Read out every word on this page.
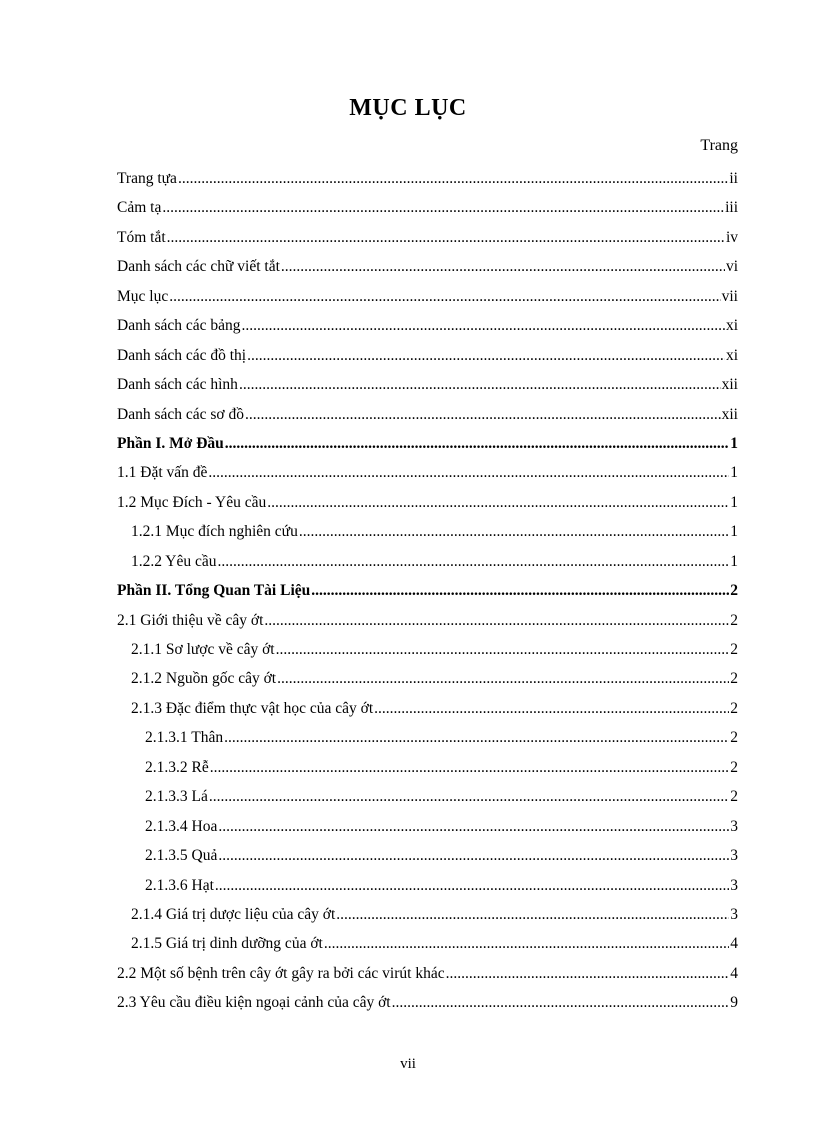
MỤC LỤC
Trang
Trang tựa .....	ii
Cảm tạ .....	iii
Tóm tắt .....	iv
Danh sách các chữ viết tắt .....	vi
Mục lục .....	vii
Danh sách các bảng .....	xi
Danh sách các đồ thị .....	xi
Danh sách các hình .....	xii
Danh sách các sơ đồ .....	xii
Phần I. Mở Đầu .....	1
1.1 Đặt vấn đề .....	1
1.2 Mục Đích - Yêu cầu .....	1
1.2.1 Mục đích nghiên cứu .....	1
1.2.2 Yêu cầu .....	1
Phần II. Tổng Quan Tài Liệu .....	2
2.1 Giới thiệu về cây ớt .....	2
2.1.1 Sơ lược về cây ớt .....	2
2.1.2 Nguồn gốc cây ớt .....	2
2.1.3 Đặc điểm thực vật học của cây ớt .....	2
2.1.3.1 Thân .....	2
2.1.3.2 Rễ .....	2
2.1.3.3 Lá .....	2
2.1.3.4 Hoa .....	3
2.1.3.5 Quả .....	3
2.1.3.6 Hạt .....	3
2.1.4 Giá trị dược liệu của cây ớt .....	3
2.1.5 Giá trị dinh dưỡng của ớt .....	4
2.2 Một số bệnh trên cây ớt gây ra bởi các virút khác .....	4
2.3 Yêu cầu điều kiện ngoại cảnh của cây ớt .....	9
vii
